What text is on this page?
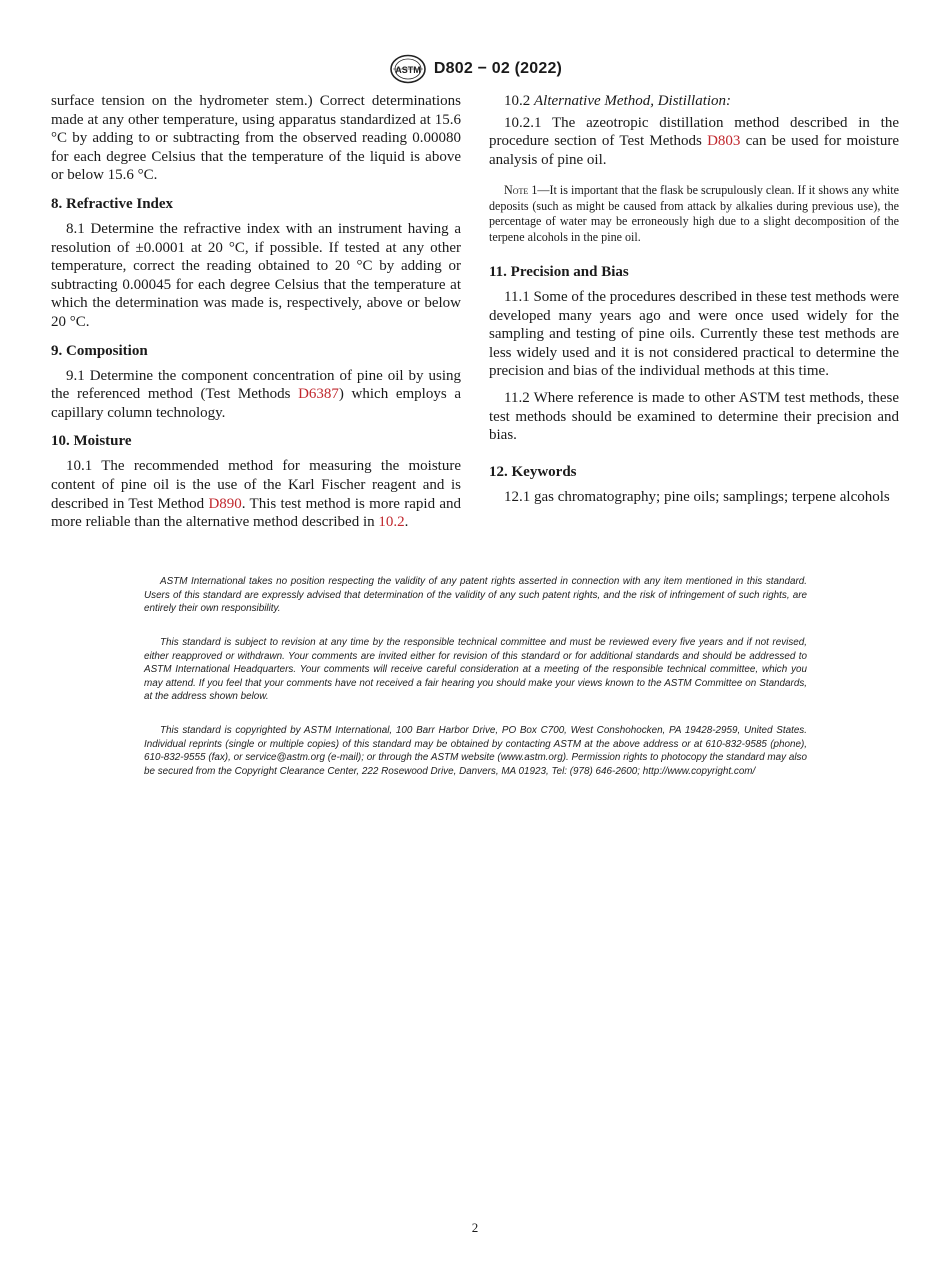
ASTM D802 − 02 (2022)

surface tension on the hydrometer stem.) Correct determinations made at any other temperature, using apparatus standardized at 15.6 °C by adding to or subtracting from the observed reading 0.00080 for each degree Celsius that the temperature of the liquid is above or below 15.6 °C.

8. Refractive Index

8.1 Determine the refractive index with an instrument having a resolution of ±0.0001 at 20 °C, if possible. If tested at any other temperature, correct the reading obtained to 20 °C by adding or subtracting 0.00045 for each degree Celsius that the temperature at which the determination was made is, respectively, above or below 20 °C.

9. Composition

9.1 Determine the component concentration of pine oil by using the referenced method (Test Methods D6387) which employs a capillary column technology.

10. Moisture

10.1 The recommended method for measuring the moisture content of pine oil is the use of the Karl Fischer reagent and is described in Test Method D890. This test method is more rapid and more reliable than the alternative method described in 10.2.

10.2 Alternative Method, Distillation:

10.2.1 The azeotropic distillation method described in the procedure section of Test Methods D803 can be used for moisture analysis of pine oil.

Note 1—It is important that the flask be scrupulously clean. If it shows any white deposits (such as might be caused from attack by alkalies during previous use), the percentage of water may be erroneously high due to a slight decomposition of the terpene alcohols in the pine oil.

11. Precision and Bias

11.1 Some of the procedures described in these test methods were developed many years ago and were once used widely for the sampling and testing of pine oils. Currently these test methods are less widely used and it is not considered practical to determine the precision and bias of the individual methods at this time.

11.2 Where reference is made to other ASTM test methods, these test methods should be examined to determine their precision and bias.

12. Keywords

12.1 gas chromatography; pine oils; samplings; terpene alcohols

ASTM International takes no position respecting the validity of any patent rights asserted in connection with any item mentioned in this standard. Users of this standard are expressly advised that determination of the validity of any such patent rights, and the risk of infringement of such rights, are entirely their own responsibility.

This standard is subject to revision at any time by the responsible technical committee and must be reviewed every five years and if not revised, either reapproved or withdrawn. Your comments are invited either for revision of this standard or for additional standards and should be addressed to ASTM International Headquarters. Your comments will receive careful consideration at a meeting of the responsible technical committee, which you may attend. If you feel that your comments have not received a fair hearing you should make your views known to the ASTM Committee on Standards, at the address shown below.

This standard is copyrighted by ASTM International, 100 Barr Harbor Drive, PO Box C700, West Conshohocken, PA 19428-2959, United States. Individual reprints (single or multiple copies) of this standard may be obtained by contacting ASTM at the above address or at 610-832-9585 (phone), 610-832-9555 (fax), or service@astm.org (e-mail); or through the ASTM website (www.astm.org). Permission rights to photocopy the standard may also be secured from the Copyright Clearance Center, 222 Rosewood Drive, Danvers, MA 01923, Tel: (978) 646-2600; http://www.copyright.com/

2
